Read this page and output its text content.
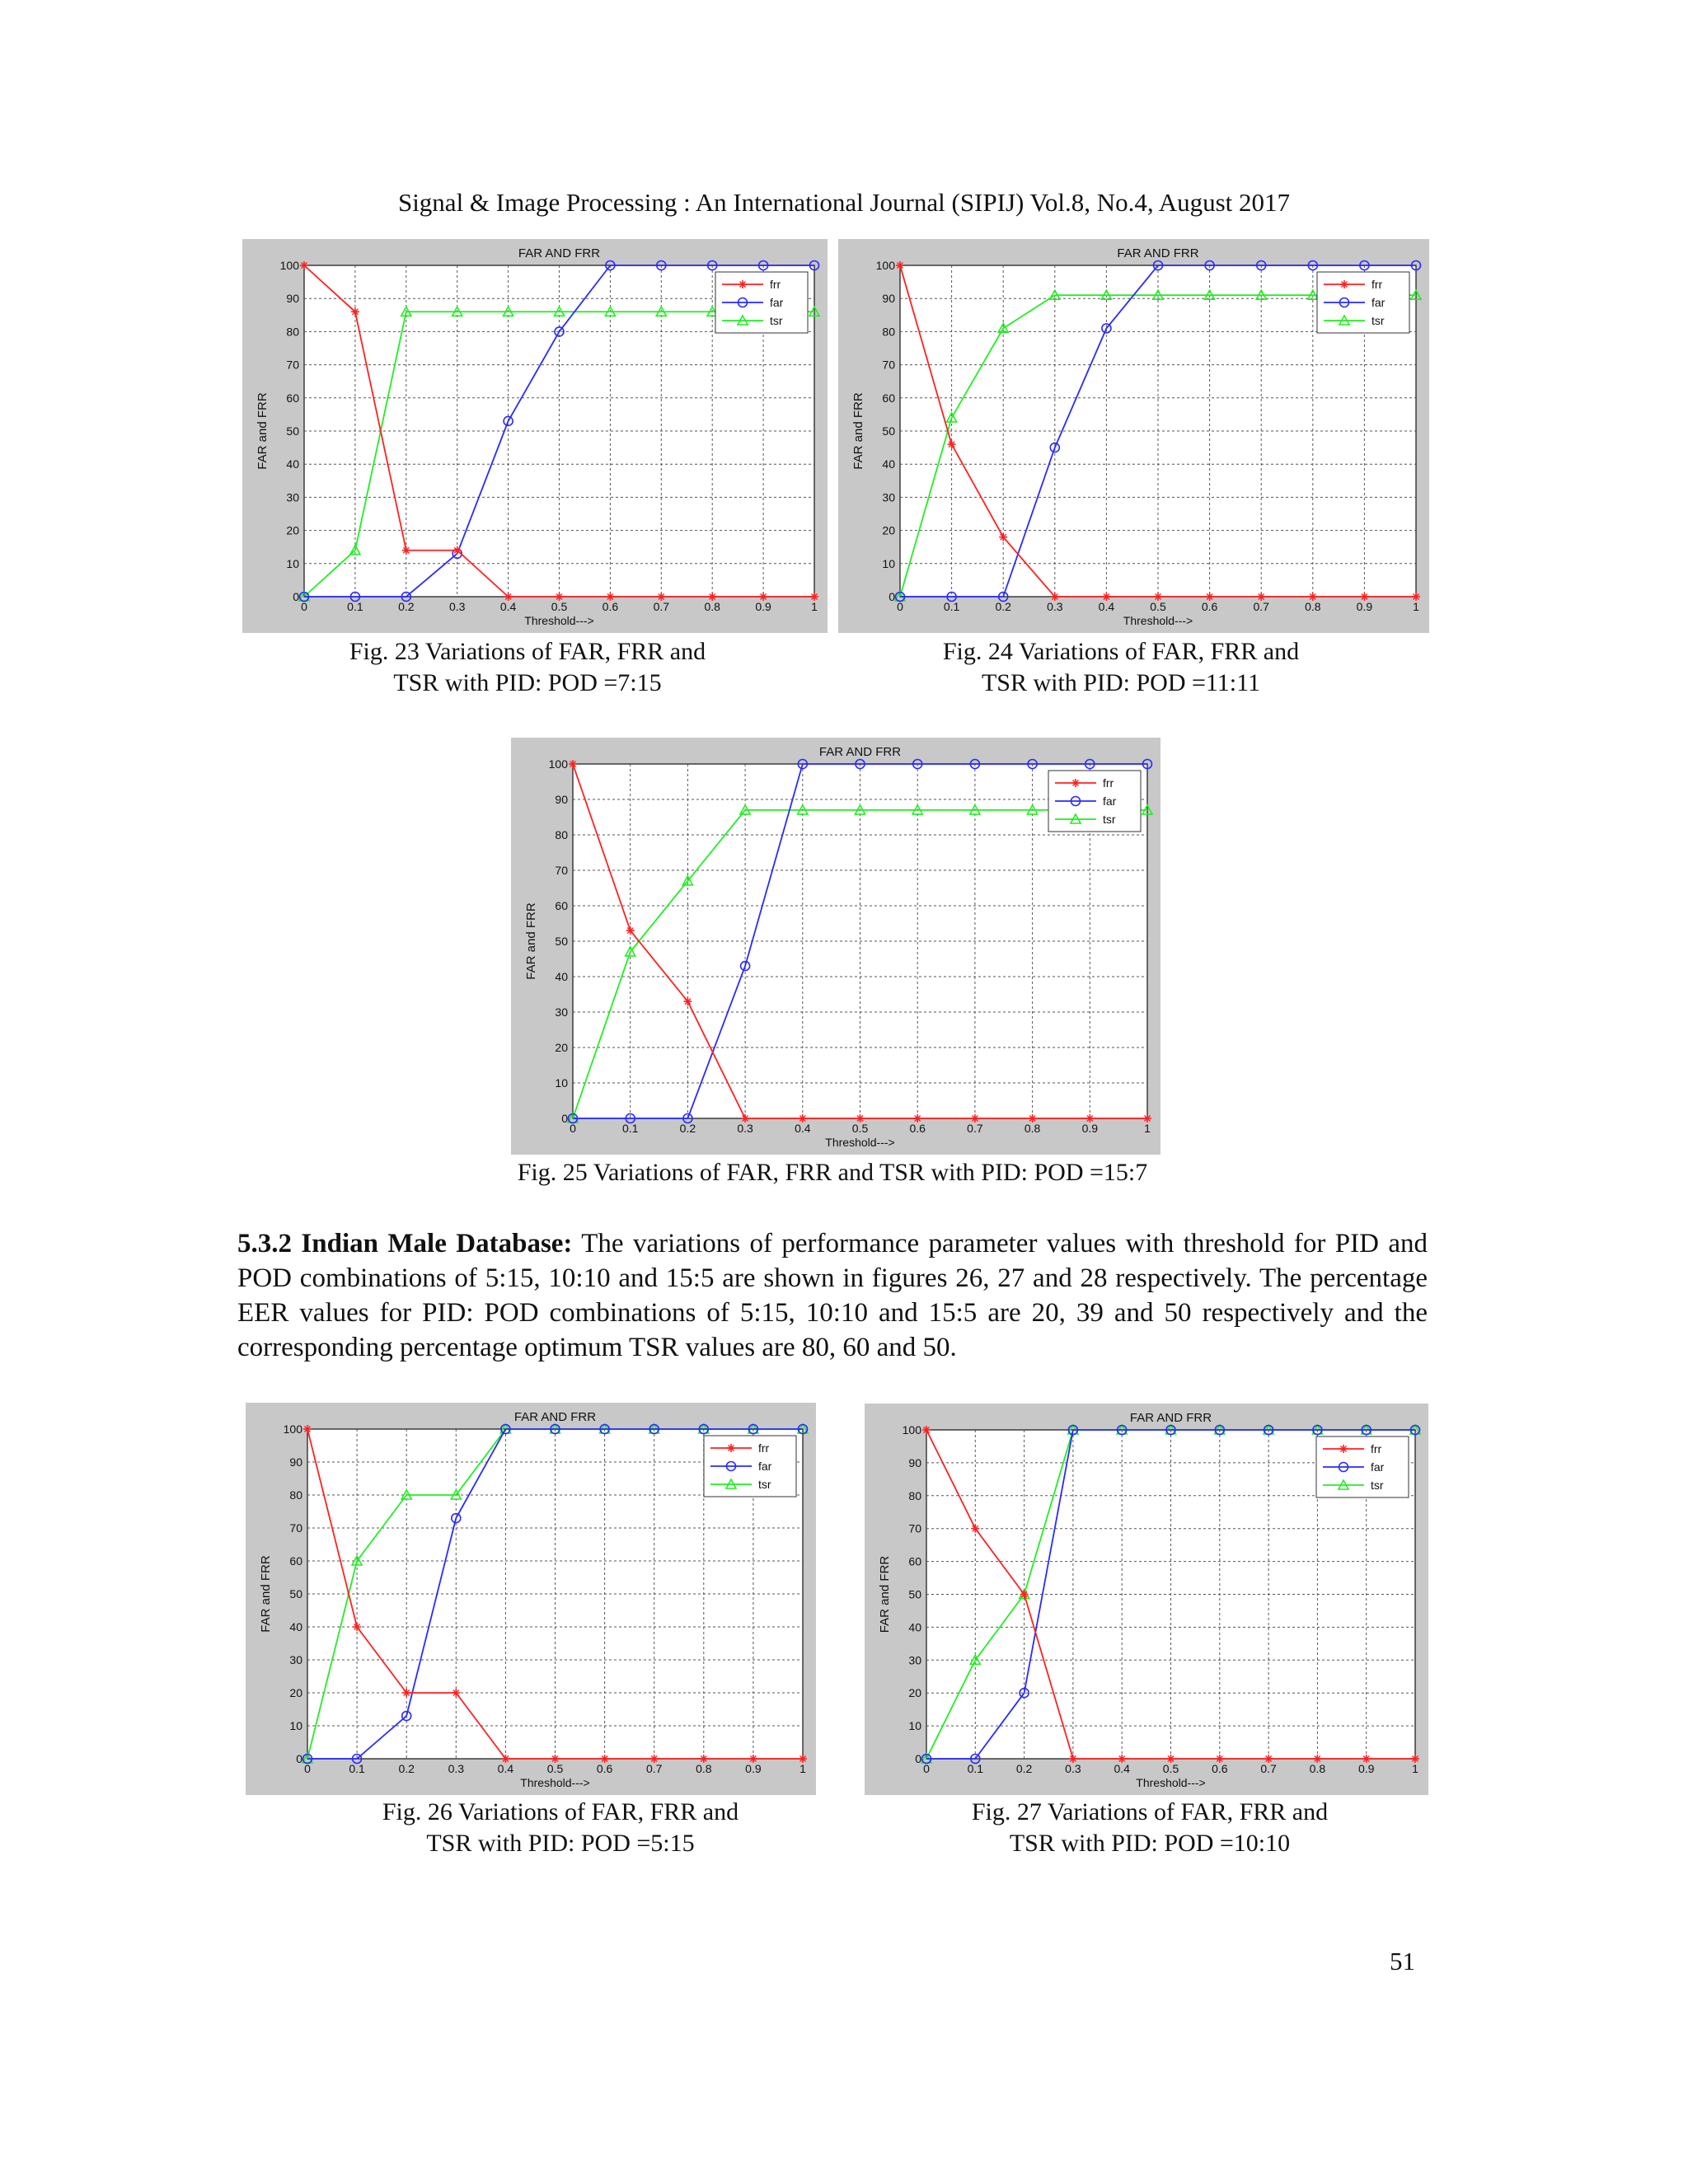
Signal & Image Processing : An International Journal (SIPIJ) Vol.8, No.4, August 2017
0	0.1	0.2	0.3	0.4	0.5	0.6	0.7	0.8	0.9	1
0
10
20
30
40
50
60
70
80
90
100
FAR AND FRR
Threshold--->
FAR and FRR
frr
far
tsr
0	0.1	0.2	0.3	0.4	0.5	0.6	0.7	0.8	0.9	1
0
10
20
30
40
50
60
70
80
90
100
FAR AND FRR
Threshold--->
FAR and FRR
frr
far
tsr
0	0.1	0.2	0.3	0.4	0.5	0.6	0.7	0.8	0.9	1
0
10
20
30
40
50
60
70
80
90
100
FAR AND FRR
Threshold--->
FAR and FRR
frr
far
tsr
0	0.1	0.2	0.3	0.4	0.5	0.6	0.7	0.8	0.9	1
0
10
20
30
40
50
60
70
80
90
100
FAR AND FRR
Threshold--->
FAR and FRR
frr
far
tsr
0	0.1	0.2	0.3	0.4	0.5	0.6	0.7	0.8	0.9	1
0
10
20
30
40
50
60
70
80
90
100
FAR AND FRR
Threshold--->
FAR and FRR
frr
far
tsr
Fig. 23 Variations of FAR, FRR and
TSR with PID: POD =7:15
Fig. 24 Variations of FAR, FRR and
TSR with PID: POD =11:11
Fig. 25 Variations of FAR, FRR and TSR with PID: POD =15:7
Fig. 26 Variations of FAR, FRR and
TSR with PID: POD =5:15
Fig. 27 Variations of FAR, FRR and
TSR with PID: POD =10:10
5.3.2 Indian Male Database: The variations of performance parameter values with threshold for PID and POD combinations of 5:15, 10:10 and 15:5 are shown in figures 26, 27 and 28 respectively. The percentage EER values for PID: POD combinations of 5:15, 10:10 and 15:5 are 20, 39 and 50 respectively and the corresponding percentage optimum TSR values are 80, 60 and 50.
51
